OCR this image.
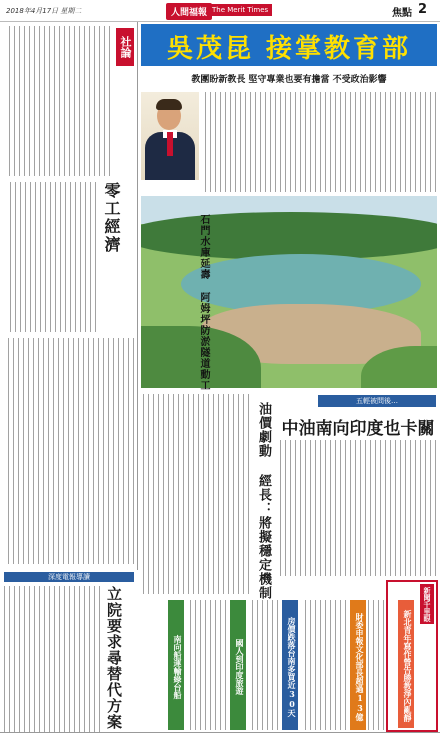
2018年4月17日 星期二	人間福報 The Merit Times	焦點 2
社論
零工經濟
深度電報導讀
立院要求尋替代方案
吳茂昆 接掌教育部
教團盼新教長 堅守專業也要有擔當 不受政治影響
石門水庫延壽 阿姆坪防淤隧道動工
油價劇動 經長：將擬穩定機制
五輕被問後…
中油南向印度也卡關
南向船運輸綠台船	國人到印度旅遊	房價跌落台南多買近30天	財委申報文化部長超過13億
新聞千里眼
新北青年寫作營告勝教淨內亂靜
